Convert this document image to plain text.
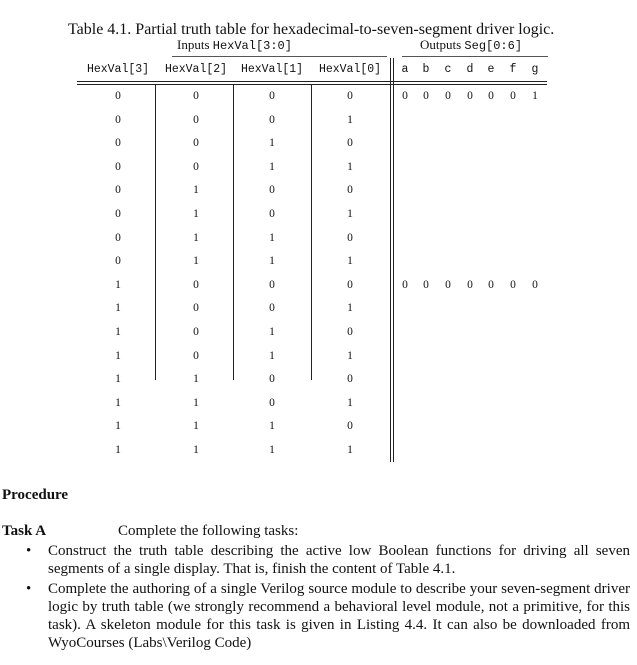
Table 4.1. Partial truth table for hexadecimal-to-seven-segment driver logic.
Inputs HexVal[3:0]	Outputs Seg[0:6]
HexVal[3] HexVal[2] HexVal[1] HexVal[0] a b c d e f g
0	0	0	0	0 0 0 0 0 0 1
0	0	0	1
0	0	1	0
0	0	1	1
0	1	0	0
0	1	0	1
0	1	1	0
0	1	1	1
1	0	0	0	0 0 0 0 0 0 0
1	0	0	1
1	0	1	0
1	0	1	1
1	1	0	0
1	1	0	1
1	1	1	0
1	1	1	1
Procedure
Task A	Complete the following tasks:
• Construct the truth table describing the active low Boolean functions for driving all seven segments of a single display. That is, finish the content of Table 4.1.
• Complete the authoring of a single Verilog source module to describe your seven-segment driver logic by truth table (we strongly recommend a behavioral level module, not a primitive, for this task). A skeleton module for this task is given in Listing 4.4. It can also be downloaded from WyoCourses (Labs\Verilog Code)
